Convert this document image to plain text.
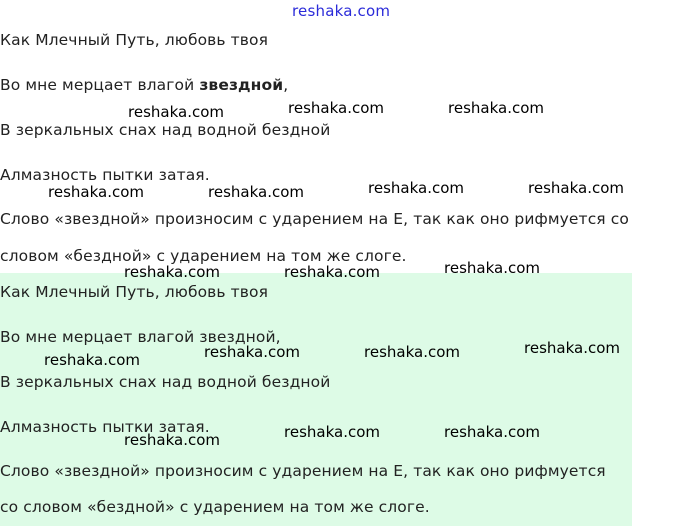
reshaka.com
Как Млечный Путь, любовь твоя
Во мне мерцает влагой звездной,
В зеркальных снах над водной бездной
Алмазность пытки затая.
Слово «звездной» произносим с ударением на Е, так как оно рифмуется со
словом «бездной» с ударением на том же слоге.
Как Млечный Путь, любовь твоя
Во мне мерцает влагой звездной,
В зеркальных снах над водной бездной
Алмазность пытки затая.
Слово «звездной» произносим с ударением на Е, так как оно рифмуется
со словом «бездной» с ударением на том же слоге.
reshaka.com	reshaka.com	reshaka.com
reshaka.com	reshaka.com	reshaka.com	reshaka.com
reshaka.com	reshaka.com	reshaka.com
reshaka.com	reshaka.com	reshaka.com	reshaka.com
reshaka.com	reshaka.com	reshaka.com
